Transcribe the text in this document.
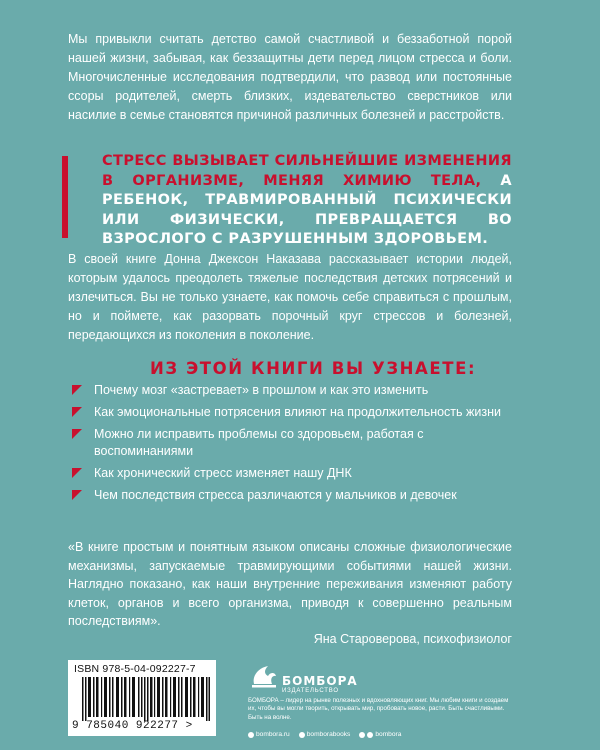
Мы привыкли считать детство самой счастливой и беззаботной порой нашей жизни, забывая, как беззащитны дети перед лицом стресса и боли. Многочисленные исследования подтвердили, что развод или постоянные ссоры родителей, смерть близких, издевательство сверстников или насилие в семье становятся причиной различных болезней и расстройств.

СТРЕСС ВЫЗЫВАЕТ СИЛЬНЕЙШИЕ ИЗМЕНЕНИЯ В ОРГАНИЗМЕ, МЕНЯЯ ХИМИЮ ТЕЛА, А РЕБЕНОК, ТРАВМИРОВАННЫЙ ПСИХИЧЕСКИ ИЛИ ФИЗИЧЕСКИ, ПРЕВРАЩАЕТСЯ ВО ВЗРОСЛОГО С РАЗРУШЕННЫМ ЗДОРОВЬЕМ.

В своей книге Донна Джексон Наказава рассказывает истории людей, которым удалось преодолеть тяжелые последствия детских потрясений и излечиться. Вы не только узнаете, как помочь себе справиться с прошлым, но и поймете, как разорвать порочный круг стрессов и болезней, передающихся из поколения в поколение.

ИЗ ЭТОЙ КНИГИ ВЫ УЗНАЕТЕ:
Почему мозг «застревает» в прошлом и как это изменить
Как эмоциональные потрясения влияют на продолжительность жизни
Можно ли исправить проблемы со здоровьем, работая с воспоминаниями
Как хронический стресс изменяет нашу ДНК
Чем последствия стресса различаются у мальчиков и девочек

«В книге простым и понятным языком описаны сложные физиологические механизмы, запускаемые травмирующими событиями нашей жизни. Наглядно показано, как наши внутренние переживания изменяют работу клеток, органов и всего организма, приводя к совершенно реальным последствиям».

Яна Староверова, психофизиолог

ISBN 978-5-04-092227-7
9 785040 922277 >
БОМБОРА
ИЗДАТЕЛЬСТВО

БОМБОРА – лидер на рынке полезных и вдохновляющих книг. Мы любим книги и создаем их, чтобы вы могли творить, открывать мир, пробовать новое, расти. Быть счастливыми. Быть на волне.

bombora.ru	bomborabooks	bombora
